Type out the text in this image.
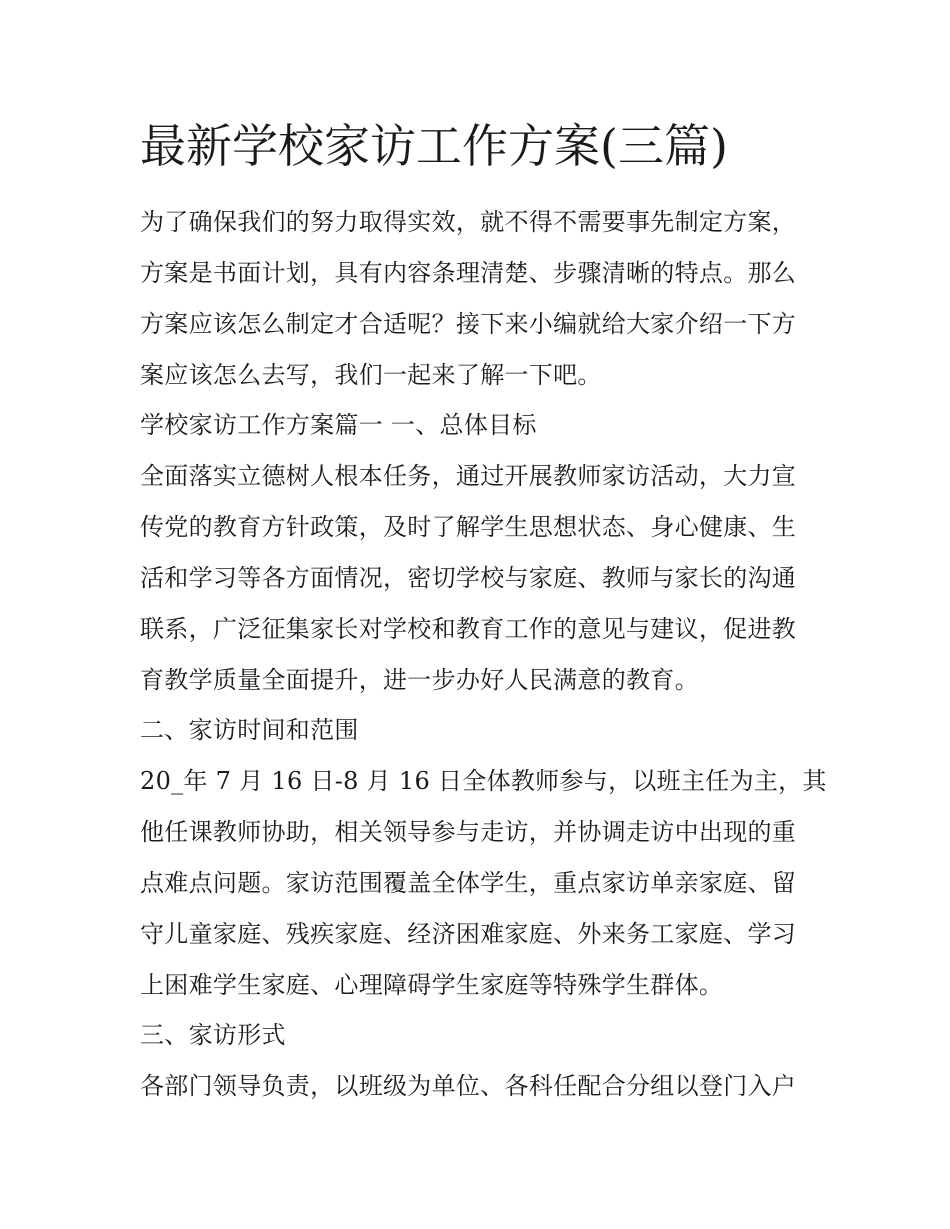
最新学校家访工作方案(三篇)
为了确保我们的努力取得实效，就不得不需要事先制定方案，
方案是书面计划，具有内容条理清楚、步骤清晰的特点。那么
方案应该怎么制定才合适呢？接下来小编就给大家介绍一下方
案应该怎么去写，我们一起来了解一下吧。
学校家访工作方案篇一 一、总体目标
全面落实立德树人根本任务，通过开展教师家访活动，大力宣
传党的教育方针政策，及时了解学生思想状态、身心健康、生
活和学习等各方面情况，密切学校与家庭、教师与家长的沟通
联系，广泛征集家长对学校和教育工作的意见与建议，促进教
育教学质量全面提升，进一步办好人民满意的教育。
二、家访时间和范围
20_年 7 月 16 日-8 月 16 日全体教师参与，以班主任为主，其
他任课教师协助，相关领导参与走访，并协调走访中出现的重
点难点问题。家访范围覆盖全体学生，重点家访单亲家庭、留
守儿童家庭、残疾家庭、经济困难家庭、外来务工家庭、学习
上困难学生家庭、心理障碍学生家庭等特殊学生群体。
三、家访形式
各部门领导负责，以班级为单位、各科任配合分组以登门入户
